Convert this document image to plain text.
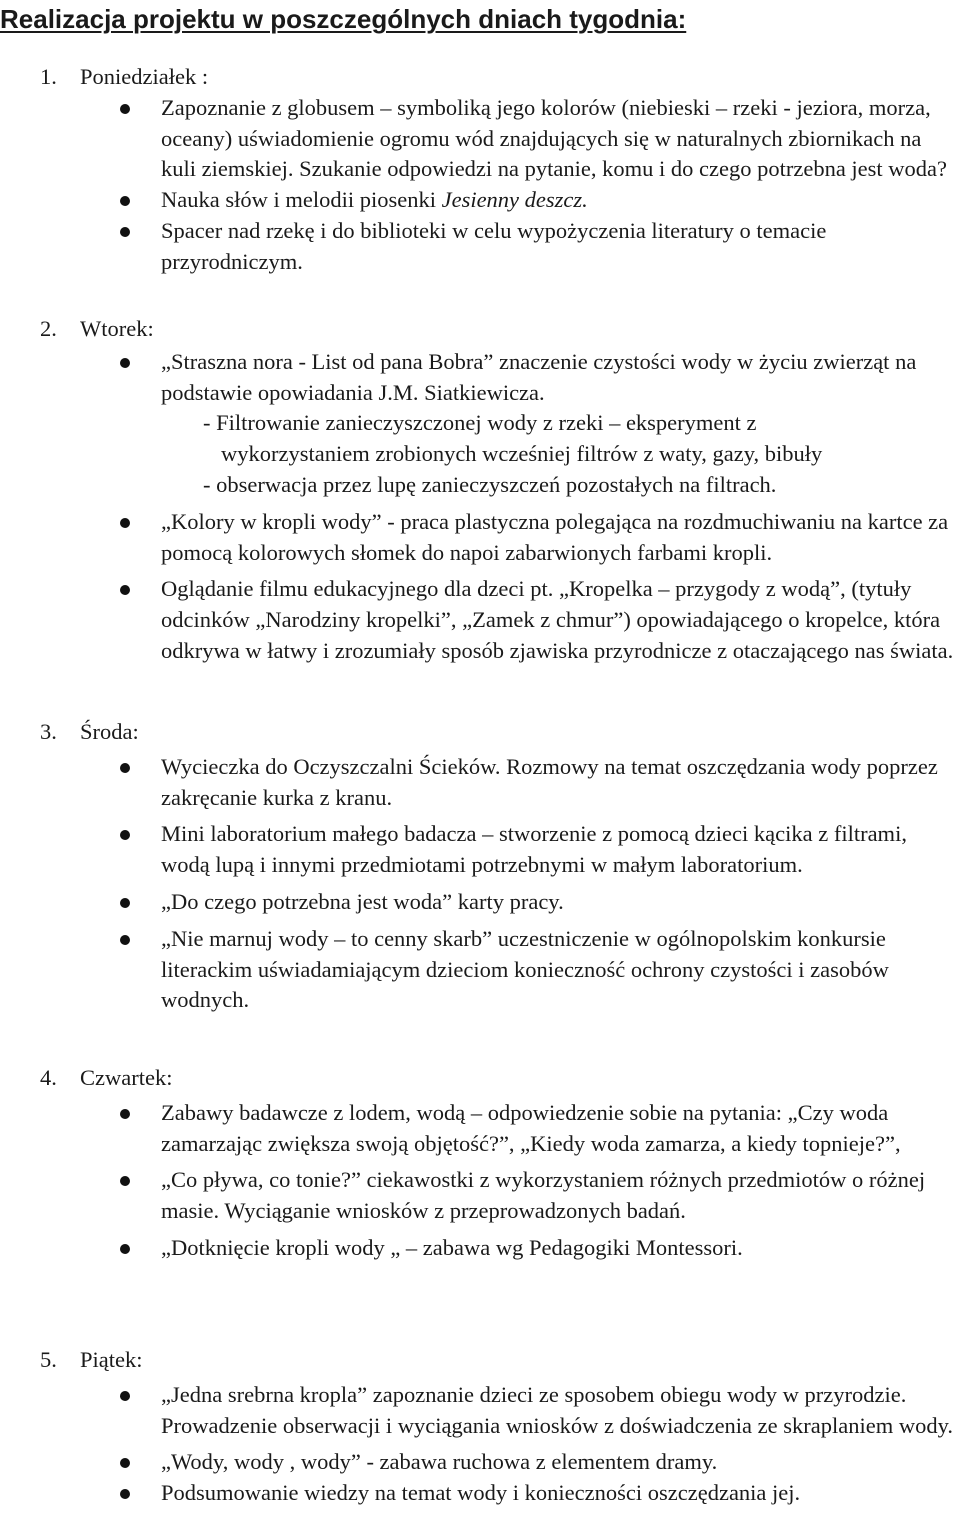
Realizacja projektu w poszczególnych dniach tygodnia:
1. Poniedziałek :

Zapoznanie z globusem – symboliką jego kolorów (niebieski – rzeki - jeziora, morza, oceany) uświadomienie ogromu wód znajdujących się w naturalnych zbiornikach na kuli ziemskiej. Szukanie odpowiedzi na pytanie, komu i do czego potrzebna jest woda?

Nauka słów i melodii piosenki Jesienny deszcz.

Spacer nad rzekę i do biblioteki w celu wypożyczenia literatury o temacie przyrodniczym.

2. Wtorek:

„Straszna nora - List od pana Bobra” znaczenie czystości wody w życiu zwierząt na podstawie opowiadania J.M. Siatkiewicza.

- Filtrowanie zanieczyszczonej wody z rzeki – eksperyment z

wykorzystaniem zrobionych wcześniej filtrów z waty, gazy, bibuły

- obserwacja przez lupę zanieczyszczeń pozostałych na filtrach.

„Kolory w kropli wody” - praca plastyczna polegająca na rozdmuchiwaniu na kartce za pomocą kolorowych słomek do napoi zabarwionych farbami kropli.

Oglądanie filmu edukacyjnego dla dzeci pt. „Kropelka – przygody z wodą”, (tytuły odcinków „Narodziny kropelki”, „Zamek z chmur”) opowiadającego o kropelce, która odkrywa w łatwy i zrozumiały sposób zjawiska przyrodnicze z otaczającego nas świata.

3. Środa:

Wycieczka do Oczyszczalni Ścieków. Rozmowy na temat oszczędzania wody poprzez zakręcanie kurka z kranu.

Mini laboratorium małego badacza – stworzenie z pomocą dzieci kącika z filtrami, wodą lupą i innymi przedmiotami potrzebnymi w małym laboratorium.

„Do czego potrzebna jest woda” karty pracy.

„Nie marnuj wody – to cenny skarb” uczestniczenie w ogólnopolskim konkursie literackim uświadamiającym dzieciom konieczność ochrony czystości i zasobów wodnych.

4. Czwartek:

Zabawy badawcze z lodem, wodą – odpowiedzenie sobie na pytania: „Czy woda zamarzając zwiększa swoją objętość?”, „Kiedy woda zamarza, a kiedy topnieje?”,

„Co pływa, co tonie?” ciekawostki z wykorzystaniem różnych przedmiotów o różnej masie. Wyciąganie wniosków z przeprowadzonych badań.

„Dotknięcie kropli wody „ – zabawa wg Pedagogiki Montessori.

5. Piątek:

„Jedna srebrna kropla” zapoznanie dzieci ze sposobem obiegu wody w przyrodzie. Prowadzenie obserwacji i wyciągania wniosków z doświadczenia ze skraplaniem wody.

„Wody, wody , wody” - zabawa ruchowa z elementem dramy.

Podsumowanie wiedzy na temat wody i konieczności oszczędzania jej.
